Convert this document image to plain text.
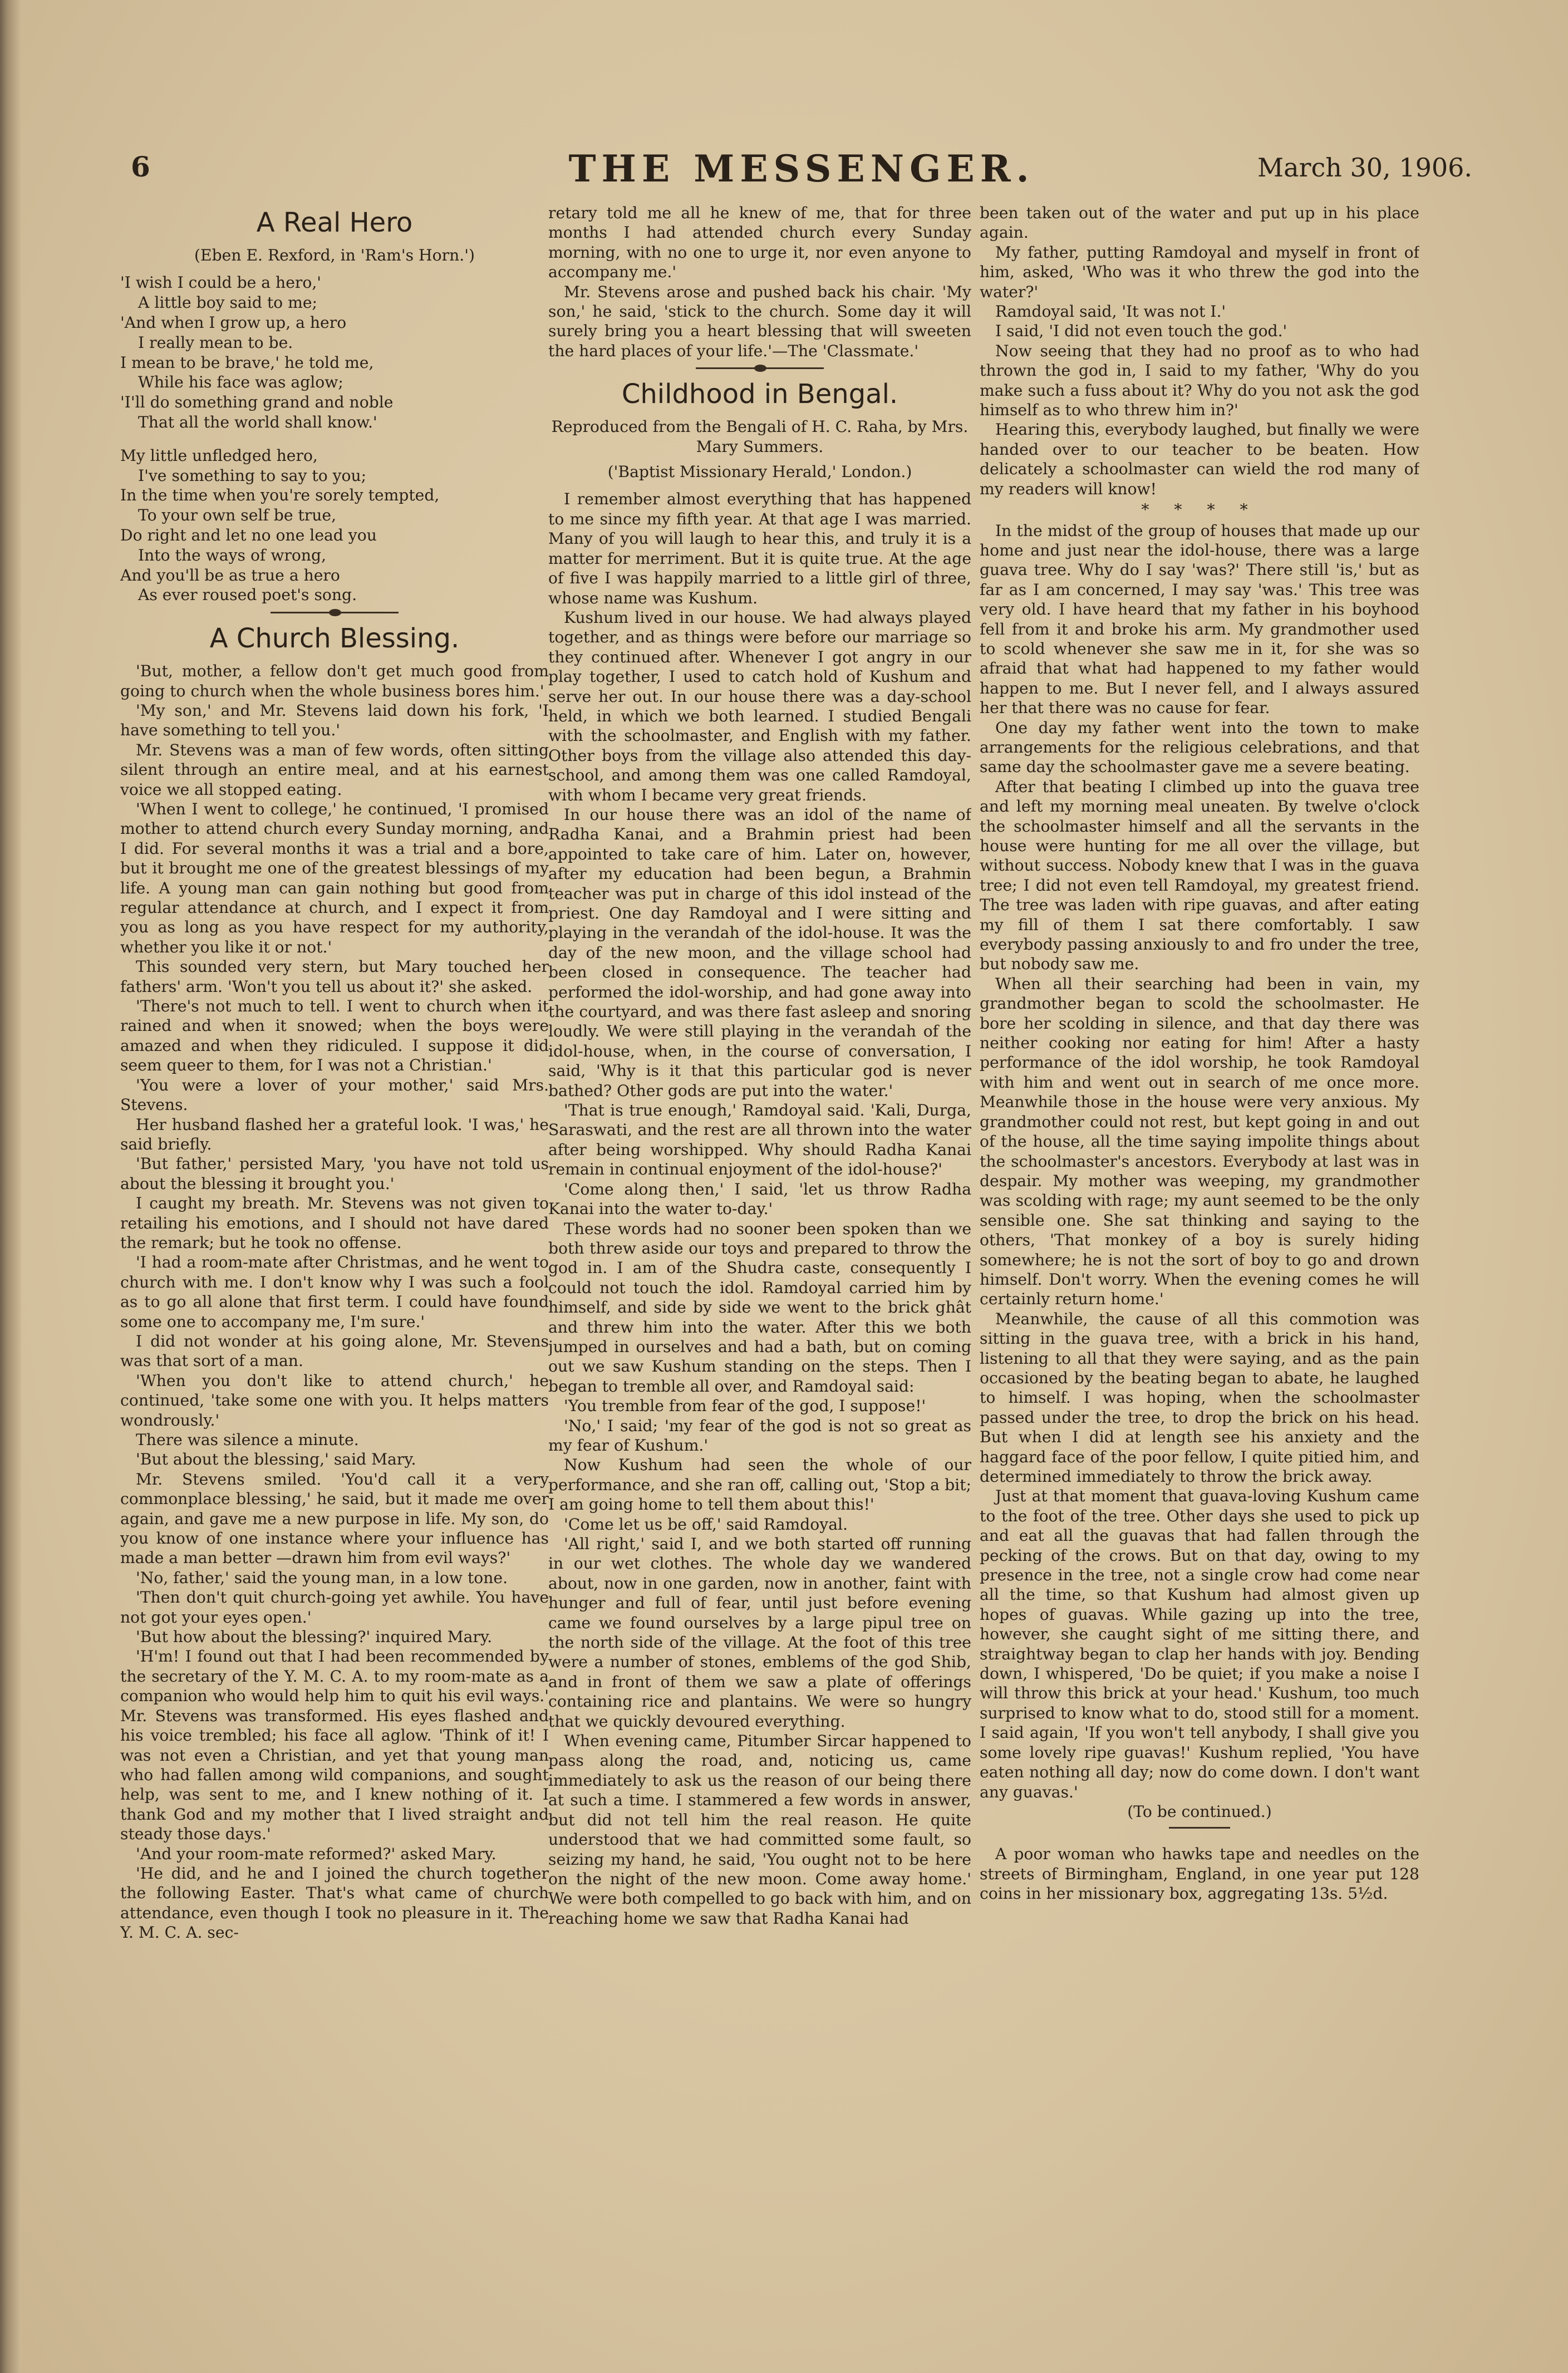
6	THE MESSENGER.	March 30, 1906.
A Real Hero
(Eben E. Rexford, in 'Ram's Horn.')

'I wish I could be a hero,'

A little boy said to me;

'And when I grow up, a hero

I really mean to be.

I mean to be brave,' he told me,

While his face was aglow;

'I'll do something grand and noble

That all the world shall know.'

My little unfledged hero,

I've something to say to you;

In the time when you're sorely tempted,

To your own self be true,

Do right and let no one lead you

Into the ways of wrong,

And you'll be as true a hero

As ever roused poet's song.

A Church Blessing.

'But, mother, a fellow don't get much good from going to church when the whole business bores him.'

'My son,' and Mr. Stevens laid down his fork, 'I have something to tell you.'

Mr. Stevens was a man of few words, often sitting silent through an entire meal, and at his earnest voice we all stopped eating.

'When I went to college,' he continued, 'I promised mother to attend church every Sunday morning, and I did. For several months it was a trial and a bore, but it brought me one of the greatest blessings of my life. A young man can gain nothing but good from regular attendance at church, and I expect it from you as long as you have respect for my authority, whether you like it or not.'

This sounded very stern, but Mary touched her fathers' arm. 'Won't you tell us about it?' she asked.

'There's not much to tell. I went to church when it rained and when it snowed; when the boys were amazed and when they ridiculed. I suppose it did seem queer to them, for I was not a Christian.'

'You were a lover of your mother,' said Mrs. Stevens.

Her husband flashed her a grateful look. 'I was,' he said briefly.

'But father,' persisted Mary, 'you have not told us about the blessing it brought you.'

I caught my breath. Mr. Stevens was not given to retailing his emotions, and I should not have dared the remark; but he took no offense.

'I had a room-mate after Christmas, and he went to church with me. I don't know why I was such a fool as to go all alone that first term. I could have found some one to accompany me, I'm sure.'

I did not wonder at his going alone, Mr. Stevens was that sort of a man.

'When you don't like to attend church,' he continued, 'take some one with you. It helps matters wondrously.'

There was silence a minute.

'But about the blessing,' said Mary.

Mr. Stevens smiled. 'You'd call it a very commonplace blessing,' he said, but it made me over again, and gave me a new purpose in life. My son, do you know of one instance where your influence has made a man better —drawn him from evil ways?'

'No, father,' said the young man, in a low tone.

'Then don't quit church-going yet awhile. You have not got your eyes open.'

'But how about the blessing?' inquired Mary.

'H'm! I found out that I had been recommended by the secretary of the Y. M. C. A. to my room-mate as a companion who would help him to quit his evil ways.' Mr. Stevens was transformed. His eyes flashed and his voice trembled; his face all aglow. 'Think of it! I was not even a Christian, and yet that young man who had fallen among wild companions, and sought help, was sent to me, and I knew nothing of it. I thank God and my mother that I lived straight and steady those days.'

'And your room-mate reformed?' asked Mary.

'He did, and he and I joined the church together the following Easter. That's what came of church attendance, even though I took no pleasure in it. The Y. M. C. A. sec-

retary told me all he knew of me, that for three months I had attended church every Sunday morning, with no one to urge it, nor even anyone to accompany me.'

Mr. Stevens arose and pushed back his chair. 'My son,' he said, 'stick to the church. Some day it will surely bring you a heart blessing that will sweeten the hard places of your life.'—The 'Classmate.'

Childhood in Bengal.
Reproduced from the Bengali of H. C. Raha, by Mrs. Mary Summers.
('Baptist Missionary Herald,' London.)

I remember almost everything that has happened to me since my fifth year. At that age I was married. Many of you will laugh to hear this, and truly it is a matter for merriment. But it is quite true. At the age of five I was happily married to a little girl of three, whose name was Kushum.

Kushum lived in our house. We had always played together, and as things were before our marriage so they continued after. Whenever I got angry in our play together, I used to catch hold of Kushum and serve her out. In our house there was a day-school held, in which we both learned. I studied Bengali with the schoolmaster, and English with my father. Other boys from the village also attended this day-school, and among them was one called Ramdoyal, with whom I became very great friends.

In our house there was an idol of the name of Radha Kanai, and a Brahmin priest had been appointed to take care of him. Later on, however, after my education had been begun, a Brahmin teacher was put in charge of this idol instead of the priest. One day Ramdoyal and I were sitting and playing in the verandah of the idol-house. It was the day of the new moon, and the village school had been closed in consequence. The teacher had performed the idol-worship, and had gone away into the courtyard, and was there fast asleep and snoring loudly. We were still playing in the verandah of the idol-house, when, in the course of conversation, I said, 'Why is it that this particular god is never bathed? Other gods are put into the water.'

'That is true enough,' Ramdoyal said. 'Kali, Durga, Saraswati, and the rest are all thrown into the water after being worshipped. Why should Radha Kanai remain in continual enjoyment of the idol-house?'

'Come along then,' I said, 'let us throw Radha Kanai into the water to-day.'

These words had no sooner been spoken than we both threw aside our toys and prepared to throw the god in. I am of the Shudra caste, consequently I could not touch the idol. Ramdoyal carried him by himself, and side by side we went to the brick ghât and threw him into the water. After this we both jumped in ourselves and had a bath, but on coming out we saw Kushum standing on the steps. Then I began to tremble all over, and Ramdoyal said:

'You tremble from fear of the god, I suppose!'

'No,' I said; 'my fear of the god is not so great as my fear of Kushum.'

Now Kushum had seen the whole of our performance, and she ran off, calling out, 'Stop a bit; I am going home to tell them about this!'

'Come let us be off,' said Ramdoyal.

'All right,' said I, and we both started off running in our wet clothes. The whole day we wandered about, now in one garden, now in another, faint with hunger and full of fear, until just before evening came we found ourselves by a large pipul tree on the north side of the village. At the foot of this tree were a number of stones, emblems of the god Shib, and in front of them we saw a plate of offerings containing rice and plantains. We were so hungry that we quickly devoured everything.

When evening came, Pitumber Sircar happened to pass along the road, and, noticing us, came immediately to ask us the reason of our being there at such a time. I stammered a few words in answer, but did not tell him the real reason. He quite understood that we had committed some fault, so seizing my hand, he said, 'You ought not to be here on the night of the new moon. Come away home.' We were both compelled to go back with him, and on reaching home we saw that Radha Kanai had

been taken out of the water and put up in his place again.

My father, putting Ramdoyal and myself in front of him, asked, 'Who was it who threw the god into the water?'

Ramdoyal said, 'It was not I.'

I said, 'I did not even touch the god.'

Now seeing that they had no proof as to who had thrown the god in, I said to my father, 'Why do you make such a fuss about it? Why do you not ask the god himself as to who threw him in?'

Hearing this, everybody laughed, but finally we were handed over to our teacher to be beaten. How delicately a schoolmaster can wield the rod many of my readers will know!

* * * *

In the midst of the group of houses that made up our home and just near the idol-house, there was a large guava tree. Why do I say 'was?' There still 'is,' but as far as I am concerned, I may say 'was.' This tree was very old. I have heard that my father in his boyhood fell from it and broke his arm. My grandmother used to scold whenever she saw me in it, for she was so afraid that what had happened to my father would happen to me. But I never fell, and I always assured her that there was no cause for fear.

One day my father went into the town to make arrangements for the religious celebrations, and that same day the schoolmaster gave me a severe beating.

After that beating I climbed up into the guava tree and left my morning meal uneaten. By twelve o'clock the schoolmaster himself and all the servants in the house were hunting for me all over the village, but without success. Nobody knew that I was in the guava tree; I did not even tell Ramdoyal, my greatest friend. The tree was laden with ripe guavas, and after eating my fill of them I sat there comfortably. I saw everybody passing anxiously to and fro under the tree, but nobody saw me.

When all their searching had been in vain, my grandmother began to scold the schoolmaster. He bore her scolding in silence, and that day there was neither cooking nor eating for him! After a hasty performance of the idol worship, he took Ramdoyal with him and went out in search of me once more. Meanwhile those in the house were very anxious. My grandmother could not rest, but kept going in and out of the house, all the time saying impolite things about the schoolmaster's ancestors. Everybody at last was in despair. My mother was weeping, my grandmother was scolding with rage; my aunt seemed to be the only sensible one. She sat thinking and saying to the others, 'That monkey of a boy is surely hiding somewhere; he is not the sort of boy to go and drown himself. Don't worry. When the evening comes he will certainly return home.'

Meanwhile, the cause of all this commotion was sitting in the guava tree, with a brick in his hand, listening to all that they were saying, and as the pain occasioned by the beating began to abate, he laughed to himself. I was hoping, when the schoolmaster passed under the tree, to drop the brick on his head. But when I did at length see his anxiety and the haggard face of the poor fellow, I quite pitied him, and determined immediately to throw the brick away.

Just at that moment that guava-loving Kushum came to the foot of the tree. Other days she used to pick up and eat all the guavas that had fallen through the pecking of the crows. But on that day, owing to my presence in the tree, not a single crow had come near all the time, so that Kushum had almost given up hopes of guavas. While gazing up into the tree, however, she caught sight of me sitting there, and straightway began to clap her hands with joy. Bending down, I whispered, 'Do be quiet; if you make a noise I will throw this brick at your head.' Kushum, too much surprised to know what to do, stood still for a moment. I said again, 'If you won't tell anybody, I shall give you some lovely ripe guavas!' Kushum replied, 'You have eaten nothing all day; now do come down. I don't want any guavas.'

(To be continued.)

A poor woman who hawks tape and needles on the streets of Birmingham, England, in one year put 128 coins in her missionary box, aggregating 13s. 5½d.
